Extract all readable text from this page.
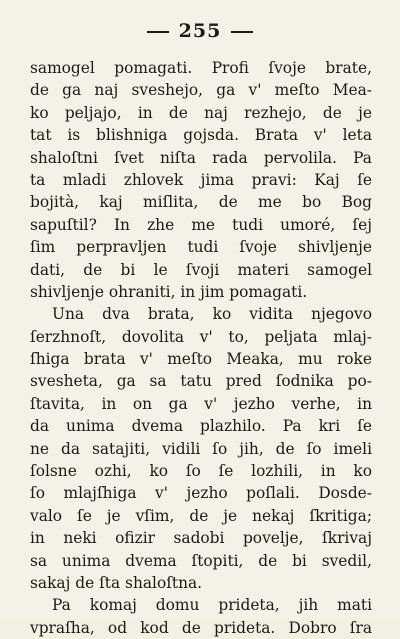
255
samogel pomagati. Profi ſvoje brate,
de ga naj sveshejo, ga v' meſto Mea-
ko peljajo, in de naj rezhejo, de je
tat is blishniga gojsda. Brata v' leta
shaloſtni ſvet niſta rada pervolila. Pa
ta mladi zhlovek jima pravi: Kaj ſe
bojità, kaj miſlita, de me bo Bog
sapuſtil? In zhe me tudi umoré, ſej
ſim perpravljen tudi ſvoje shivljenje
dati, de bi le ſvoji materi samogel
shivljenje ohraniti, in jim pomagati.
Una dva brata, ko vidita njegovo
ſerzhnoſt, dovolita v' to, peljata mlaj-
ſhiga brata v' meſto Meaka, mu roke
svesheta, ga sa tatu pred ſodnika po-
ſtavita, in on ga v' jezho verhe, in
da unima dvema plazhilo. Pa kri ſe
ne da satajiti, vidili ſo jih, de ſo imeli
ſolsne ozhi, ko ſo ſe lozhili, in ko
ſo mlajſhiga v' jezho poſlali. Dosde-
valo ſe je vſim, de je nekaj ſkritiga;
in neki ofizir sadobi povelje, ſkrivaj
sa unima dvema ſtopiti, de bi svedil,
sakaj de ſta shaloſtna.
Pa komaj domu prideta, jih mati
vpraſha, od kod de prideta. Dobro ſra
